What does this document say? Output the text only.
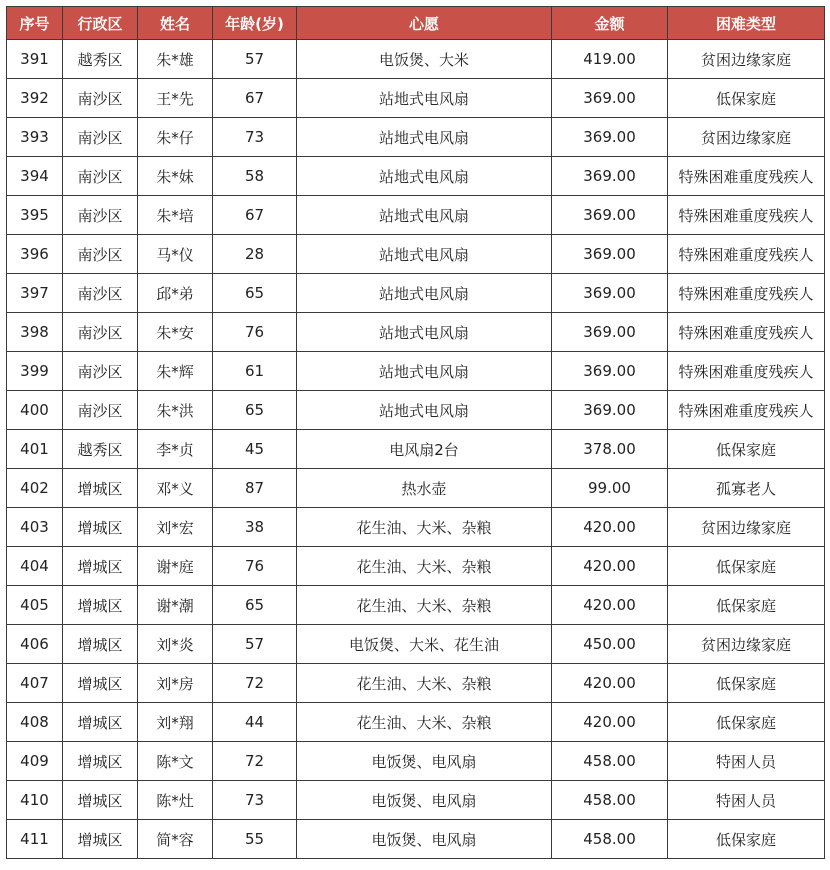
序号	行政区	姓名	年龄(岁)	心愿	金额	困难类型
391	越秀区	朱*雄	57	电饭煲、大米	419.00	贫困边缘家庭
392	南沙区	王*先	67	站地式电风扇	369.00	低保家庭
393	南沙区	朱*仔	73	站地式电风扇	369.00	贫困边缘家庭
394	南沙区	朱*妹	58	站地式电风扇	369.00	特殊困难重度残疾人
395	南沙区	朱*培	67	站地式电风扇	369.00	特殊困难重度残疾人
396	南沙区	马*仪	28	站地式电风扇	369.00	特殊困难重度残疾人
397	南沙区	邱*弟	65	站地式电风扇	369.00	特殊困难重度残疾人
398	南沙区	朱*安	76	站地式电风扇	369.00	特殊困难重度残疾人
399	南沙区	朱*辉	61	站地式电风扇	369.00	特殊困难重度残疾人
400	南沙区	朱*洪	65	站地式电风扇	369.00	特殊困难重度残疾人
401	越秀区	李*贞	45	电风扇2台	378.00	低保家庭
402	增城区	邓*义	87	热水壶	99.00	孤寡老人
403	增城区	刘*宏	38	花生油、大米、杂粮	420.00	贫困边缘家庭
404	增城区	谢*庭	76	花生油、大米、杂粮	420.00	低保家庭
405	增城区	谢*潮	65	花生油、大米、杂粮	420.00	低保家庭
406	增城区	刘*炎	57	电饭煲、大米、花生油	450.00	贫困边缘家庭
407	增城区	刘*房	72	花生油、大米、杂粮	420.00	低保家庭
408	增城区	刘*翔	44	花生油、大米、杂粮	420.00	低保家庭
409	增城区	陈*文	72	电饭煲、电风扇	458.00	特困人员
410	增城区	陈*灶	73	电饭煲、电风扇	458.00	特困人员
411	增城区	简*容	55	电饭煲、电风扇	458.00	低保家庭
